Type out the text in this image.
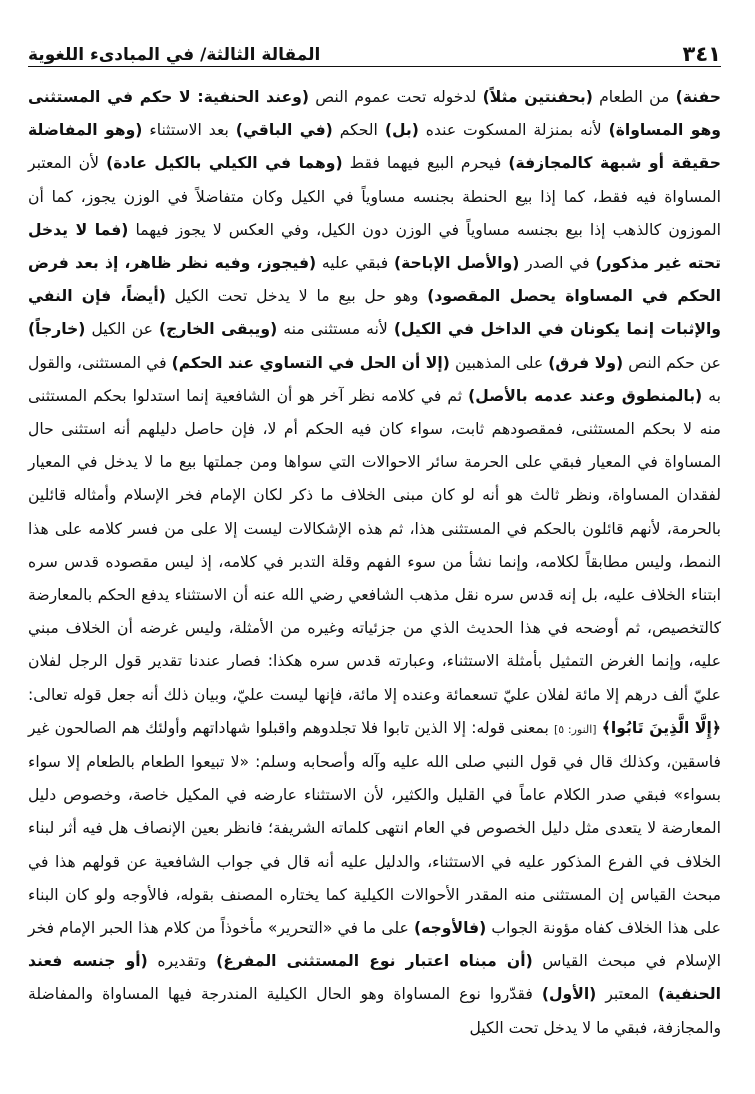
٣٤١
المقالة الثالثة/ في المبادىء اللغوية
حفنة) من الطعام (بحفنتين مثلاً) لدخوله تحت عموم النص (وعند الحنفية: لا حكم في المستثنى وهو المساواة) لأنه بمنزلة المسكوت عنده (بل) الحكم (في الباقي) بعد الاستثناء (وهو المفاضلة حقيقة أو شبهة كالمجازفة) فيحرم البيع فيهما فقط (وهما في الكيلي بالكيل عادة) لأن المعتبر المساواة فيه فقط، كما إذا بيع الحنطة بجنسه مساوياً في الكيل وكان متفاضلاً في الوزن يجوز، كما أن الموزون كالذهب إذا بيع بجنسه مساوياً في الوزن دون الكيل، وفي العكس لا يجوز فيهما (فما لا يدخل تحته غير مذكور) في الصدر (والأصل الإباحة) فبقي عليه (فيجوز، وفيه نظر ظاهر، إذ بعد فرض الحكم في المساواة يحصل المقصود) وهو حل بيع ما لا يدخل تحت الكيل (أيضاً، فإن النفي والإثبات إنما يكونان في الداخل في الكيل) لأنه مستثنى منه (ويبقى الخارج) عن الكيل (خارجاً) عن حكم النص (ولا فرق) على المذهبين (إلا أن الحل في التساوي عند الحكم) في المستثنى، والقول به (بالمنطوق وعند عدمه بالأصل) ثم في كلامه نظر آخر هو أن الشافعية إنما استدلوا بحكم المستثنى منه لا بحكم المستثنى، فمقصودهم ثابت، سواء كان فيه الحكم أم لا، فإن حاصل دليلهم أنه استثنى حال المساواة في المعيار فبقي على الحرمة سائر الاحوالات التي سواها ومن جملتها بيع ما لا يدخل في المعيار لفقدان المساواة، ونظر ثالث هو أنه لو كان مبنى الخلاف ما ذكر لكان الإمام فخر الإسلام وأمثاله قائلين بالحرمة، لأنهم قائلون بالحكم في المستثنى هذا، ثم هذه الإشكالات ليست إلا على من فسر كلامه على هذا النمط، وليس مطابقاً لكلامه، وإنما نشأ من سوء الفهم وقلة التدبر في كلامه، إذ ليس مقصوده قدس سره ابتناء الخلاف عليه، بل إنه قدس سره نقل مذهب الشافعي رضي الله عنه أن الاستثناء يدفع الحكم بالمعارضة كالتخصيص، ثم أوضحه في هذا الحديث الذي من جزئياته وغيره من الأمثلة، وليس غرضه أن الخلاف مبني عليه، وإنما الغرض التمثيل بأمثلة الاستثناء، وعبارته قدس سره هكذا: فصار عندنا تقدير قول الرجل لفلان عليّ ألف درهم إلا مائة لفلان عليّ تسعمائة وعنده إلا مائة، فإنها ليست عليّ، وبيان ذلك أنه جعل قوله تعالى: ﴿إِلَّا الَّذِينَ تَابُوا﴾ [النور: ٥] بمعنى قوله: إلا الذين تابوا فلا تجلدوهم واقبلوا شهاداتهم وأولئك هم الصالحون غير فاسقين، وكذلك قال في قول النبي صلى الله عليه وآله وأصحابه وسلم: «لا تبيعوا الطعام بالطعام إلا سواء بسواء» فبقي صدر الكلام عاماً في القليل والكثير، لأن الاستثناء عارضه في المكيل خاصة، وخصوص دليل المعارضة لا يتعدى مثل دليل الخصوص في العام انتهى كلماته الشريفة؛ فانظر بعين الإنصاف هل فيه أثر لبناء الخلاف في الفرع المذكور عليه في الاستثناء، والدليل عليه أنه قال في جواب الشافعية عن قولهم هذا في مبحث القياس إن المستثنى منه المقدر الأحوالات الكيلية كما يختاره المصنف بقوله، فالأوجه ولو كان البناء على هذا الخلاف كفاه مؤونة الجواب (فالأوجه) على ما في «التحرير» مأخوذاً من كلام هذا الحبر الإمام فخر الإسلام في مبحث القياس (أن مبناه اعتبار نوع المستثنى المفرغ) وتقديره (أو جنسه فعند الحنفية) المعتبر (الأول) فقدّروا نوع المساواة وهو الحال الكيلية المندرجة فيها المساواة والمفاضلة والمجازفة، فبقي ما لا يدخل تحت الكيل
